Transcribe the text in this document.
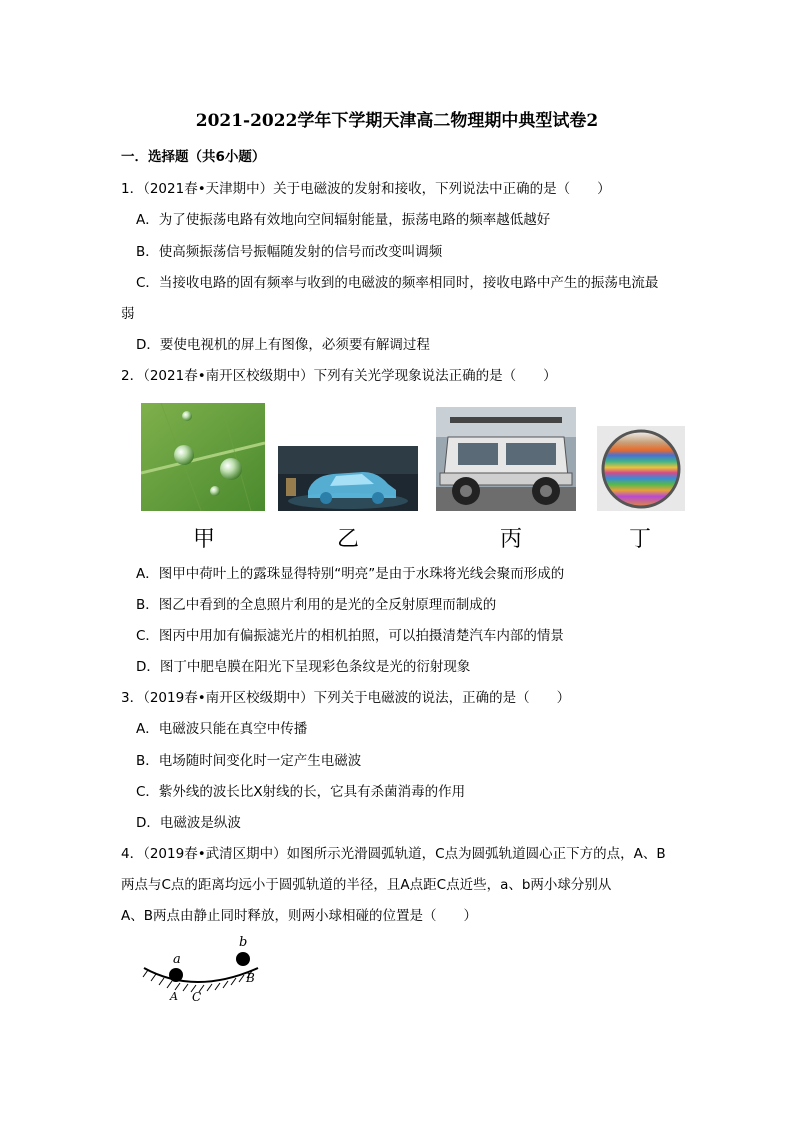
2021-2022学年下学期天津高二物理期中典型试卷2
一．选择题（共6小题）
1．（2021春•天津期中）关于电磁波的发射和接收，下列说法中正确的是（　　）
A．为了使振荡电路有效地向空间辐射能量，振荡电路的频率越低越好
B．使高频振荡信号振幅随发射的信号而改变叫调频
C．当接收电路的固有频率与收到的电磁波的频率相同时，接收电路中产生的振荡电流最
弱
D．要使电视机的屏上有图像，必须要有解调过程
2．（2021春•南开区校级期中）下列有关光学现象说法正确的是（　　）
甲	乙	丙	丁
A．图甲中荷叶上的露珠显得特别“明亮”是由于水珠将光线会聚而形成的
B．图乙中看到的全息照片利用的是光的全反射原理而制成的
C．图丙中用加有偏振滤光片的相机拍照，可以拍摄清楚汽车内部的情景
D．图丁中肥皂膜在阳光下呈现彩色条纹是光的衍射现象
3．（2019春•南开区校级期中）下列关于电磁波的说法，正确的是（　　）
A．电磁波只能在真空中传播
B．电场随时间变化时一定产生电磁波
C．紫外线的波长比X射线的长，它具有杀菌消毒的作用
D．电磁波是纵波
4．（2019春•武清区期中）如图所示光滑圆弧轨道，C点为圆弧轨道圆心正下方的点，A、B
两点与C点的距离均远小于圆弧轨道的半径，且A点距C点近些，a、b两小球分别从
A、B两点由静止同时释放，则两小球相碰的位置是（　　）
a
b
A C
B
